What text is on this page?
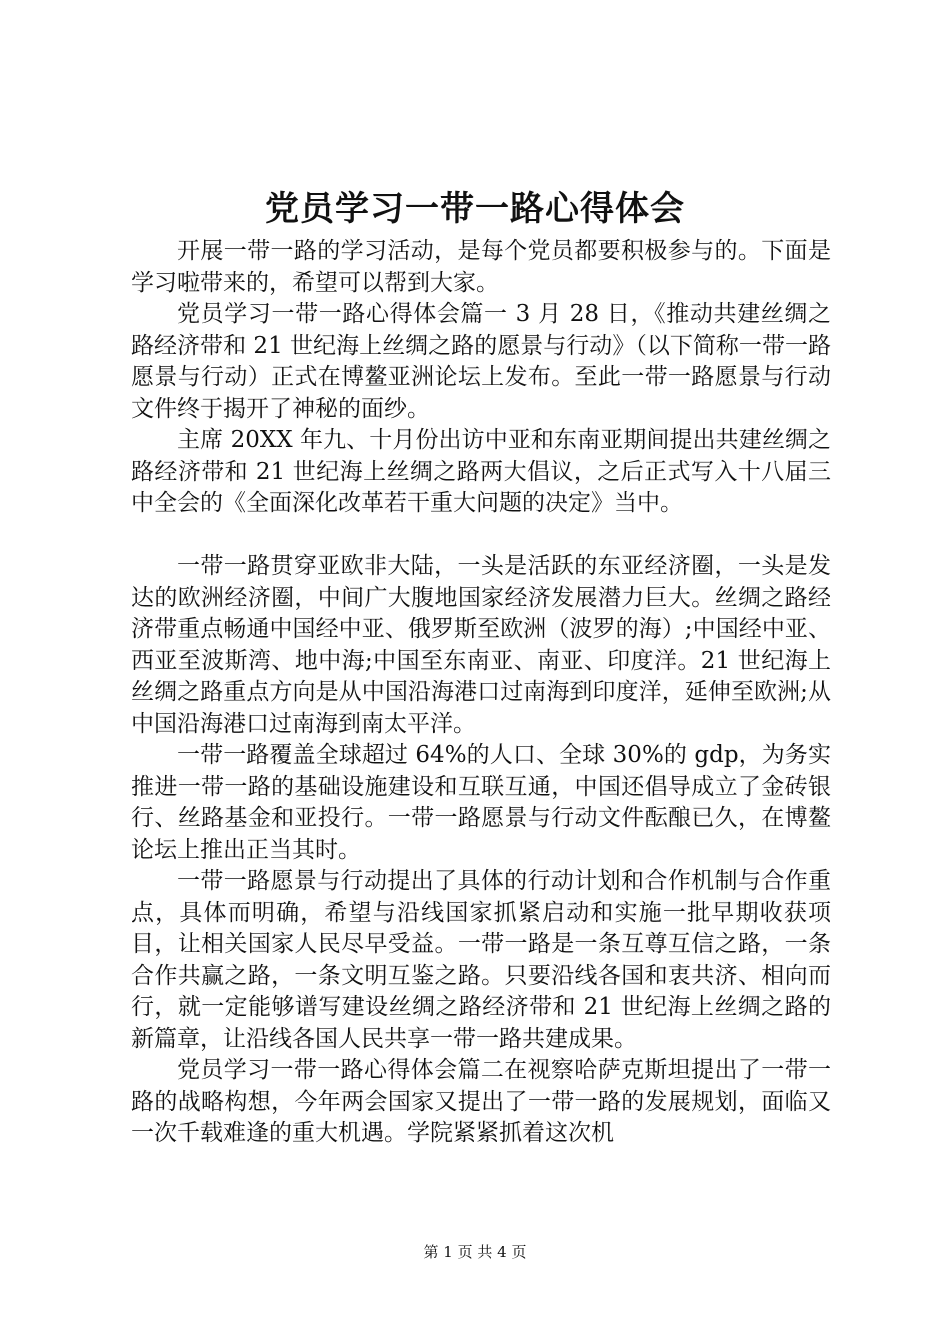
党员学习一带一路心得体会

开展一带一路的学习活动，是每个党员都要积极参与的。下面是学习啦带来的，希望可以帮到大家。

党员学习一带一路心得体会篇一 3 月 28 日，《推动共建丝绸之路经济带和 21 世纪海上丝绸之路的愿景与行动》（以下简称一带一路愿景与行动）正式在博鳌亚洲论坛上发布。至此一带一路愿景与行动文件终于揭开了神秘的面纱。

主席 20XX 年九、十月份出访中亚和东南亚期间提出共建丝绸之路经济带和 21 世纪海上丝绸之路两大倡议，之后正式写入十八届三中全会的《全面深化改革若干重大问题的决定》当中。

一带一路贯穿亚欧非大陆，一头是活跃的东亚经济圈，一头是发达的欧洲经济圈，中间广大腹地国家经济发展潜力巨大。丝绸之路经济带重点畅通中国经中亚、俄罗斯至欧洲（波罗的海）;中国经中亚、西亚至波斯湾、地中海;中国至东南亚、南亚、印度洋。21 世纪海上丝绸之路重点方向是从中国沿海港口过南海到印度洋，延伸至欧洲;从中国沿海港口过南海到南太平洋。

一带一路覆盖全球超过 64%的人口、全球 30%的 gdp，为务实推进一带一路的基础设施建设和互联互通，中国还倡导成立了金砖银行、丝路基金和亚投行。一带一路愿景与行动文件酝酿已久，在博鳌论坛上推出正当其时。

一带一路愿景与行动提出了具体的行动计划和合作机制与合作重点，具体而明确，希望与沿线国家抓紧启动和实施一批早期收获项目，让相关国家人民尽早受益。一带一路是一条互尊互信之路，一条合作共赢之路，一条文明互鉴之路。只要沿线各国和衷共济、相向而行，就一定能够谱写建设丝绸之路经济带和 21 世纪海上丝绸之路的新篇章，让沿线各国人民共享一带一路共建成果。

党员学习一带一路心得体会篇二在视察哈萨克斯坦提出了一带一路的战略构想，今年两会国家又提出了一带一路的发展规划，面临又一次千载难逢的重大机遇。学院紧紧抓着这次机

第 1 页 共 4 页
